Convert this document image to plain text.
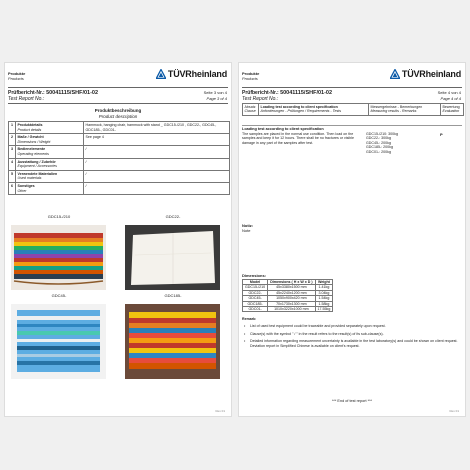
Produkte
Products	TÜVRheinland
Prüfbericht-Nr.: 50041115/SHF/01-02
Test Report No.:
Seite 3 von 4
Page 3 of 4
Produktbeschreibung
Product description
1	Produktdetails
Product details	Hammock, hanging chair, hammock with stand _ GDC15-/210 , GDC22-, GDC45-, GDC185-, GDC01-
2	Maße / Gewicht
Dimensions / Weight	See page 4
3	Bedienelemente
Operating elements	/
4	Ausstattung / Zubehör
Equipment / Accessories	/
5	Verwendete Materialien
Used materials	/
6	Sonstiges
Other	/
GDC15-/210	GDC22-
GDC45-	GDC185-
Rev 01
Produkte
Products	TÜVRheinland
Prüfbericht-Nr.: 50041115/SHF/01-02
Test Report No.:
Seite 4 von 4
Page 4 of 4
Absatz
Clause	
Loading test according to client specification
Anforderungen - Prüfungen / Requirements - Tests	Messergebnisse - Bemerkungen
Measuring results - Remarks	Bewertung
Evaluation
Loading test according to client specification
The samples are placed in the normal use condition. Then load on the samples and keep it for 12 hours. There shall be no fractures or visible damage in any part of the samples after test.
GDC15-/210: 300kg
GDC22-: 300kg
GDC45-: 200kg
GDC185-: 200kg
GDC01-: 200kg
P
Notiz:
Note
Dimensions:
Model	Dimensions ( H x W x D )	Weight
GDC15-/210	45x3380x1500 mm	1.41kg
GDC22-	45x2240x1200 mm	3.04kg
GDC45-	1050x900x420 mm	1.54kg
GDC185-	70x1730x1300 mm	1.58kg
GDC01-	1010x3220x1000 mm	17.55kg
Remark:
• List of used test equipment could be traceable and provided separately upon request.
• Clause(s) with the symbol " / " in the result refers to the result(s) of its sub-clause(s).
• Detailed information regarding measurement uncertainty is available in the test laboratory(s) and could be shown on client request. Deviation report in Simplified Chinese is available on client's request.
*** End of test report ***
Rev 01
